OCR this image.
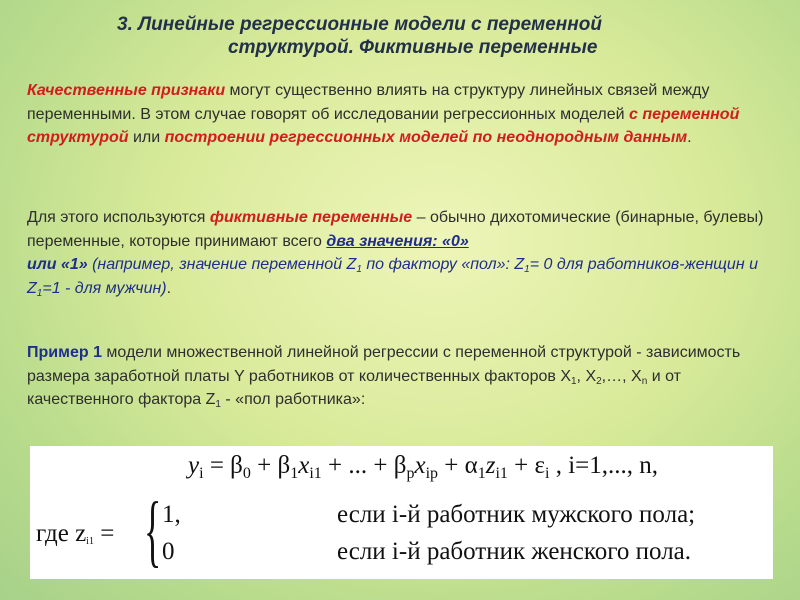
3. Линейные регрессионные модели с переменной
структурой. Фиктивные переменные
Качественные признаки могут существенно влиять на структуру линейных связей между переменными. В этом случае говорят об исследовании регрессионных моделей с переменной структурой или построении регрессионных моделей по неоднородным данным.
Для этого используются фиктивные переменные – обычно дихотомические (бинарные, булевы) переменные, которые принимают всего два значения: «0»
или «1» (например, значение переменной $Z_1$ по фактору «пол»: $Z_1= 0$ для работников-женщин и $Z_1=1$ - для мужчин).
Пример 1 модели множественной линейной регрессии с переменной структурой - зависимость размера заработной платы Y работников от количественных факторов $X_1$, $X_2,\dots$, $X_n$ и от качественного фактора $Z_1$ - «пол работника»:
$y_i = \beta_0 + \beta_1x_{i1}$ + ... + $\beta_px_{ip} + \alpha_1z_{i1} + \varepsilon_i$ , i=1,..., n,
где $z_{i1}$ = { 1,	если i-й работник мужского пола;
0	если i-й работник женского пола.
